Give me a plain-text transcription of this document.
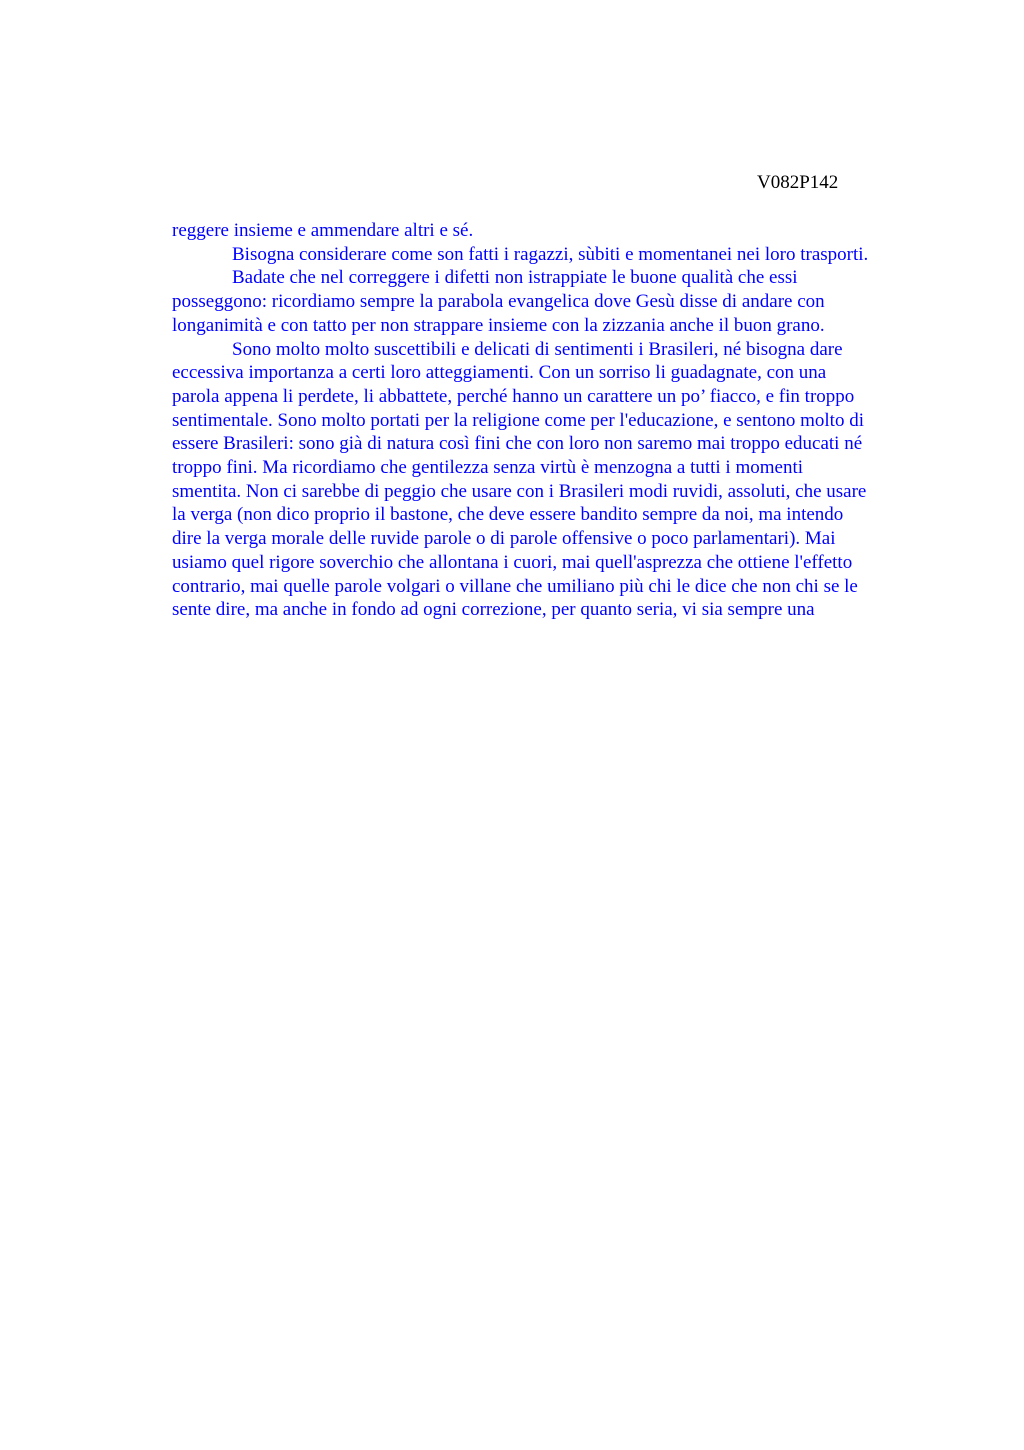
V082P142

reggere insieme e ammendare altri e sé.

Bisogna considerare come son fatti i ragazzi, sùbiti e momentanei nei loro trasporti.

Badate che nel correggere i difetti non istrappiate le buone qualità che essi
posseggono: ricordiamo sempre la parabola evangelica dove Gesù disse di andare con
longanimità e con tatto per non strappare insieme con la zizzania anche il buon grano.

Sono molto molto suscettibili e delicati di sentimenti i Brasileri, né bisogna dare
eccessiva importanza a certi loro atteggiamenti. Con un sorriso li guadagnate, con una
parola appena li perdete, li abbattete, perché hanno un carattere un po’ fiacco, e fin troppo
sentimentale. Sono molto portati per la religione come per l'educazione, e sentono molto di
essere Brasileri: sono già di natura così fini che con loro non saremo mai troppo educati né
troppo fini. Ma ricordiamo che gentilezza senza virtù è menzogna a tutti i momenti
smentita. Non ci sarebbe di peggio che usare con i Brasileri modi ruvidi, assoluti, che usare
la verga (non dico proprio il bastone, che deve essere bandito sempre da noi, ma intendo
dire la verga morale delle ruvide parole o di parole offensive o poco parlamentari). Mai
usiamo quel rigore soverchio che allontana i cuori, mai quell'asprezza che ottiene l'effetto
contrario, mai quelle parole volgari o villane che umiliano più chi le dice che non chi se le
sente dire, ma anche in fondo ad ogni correzione, per quanto seria, vi sia sempre una
